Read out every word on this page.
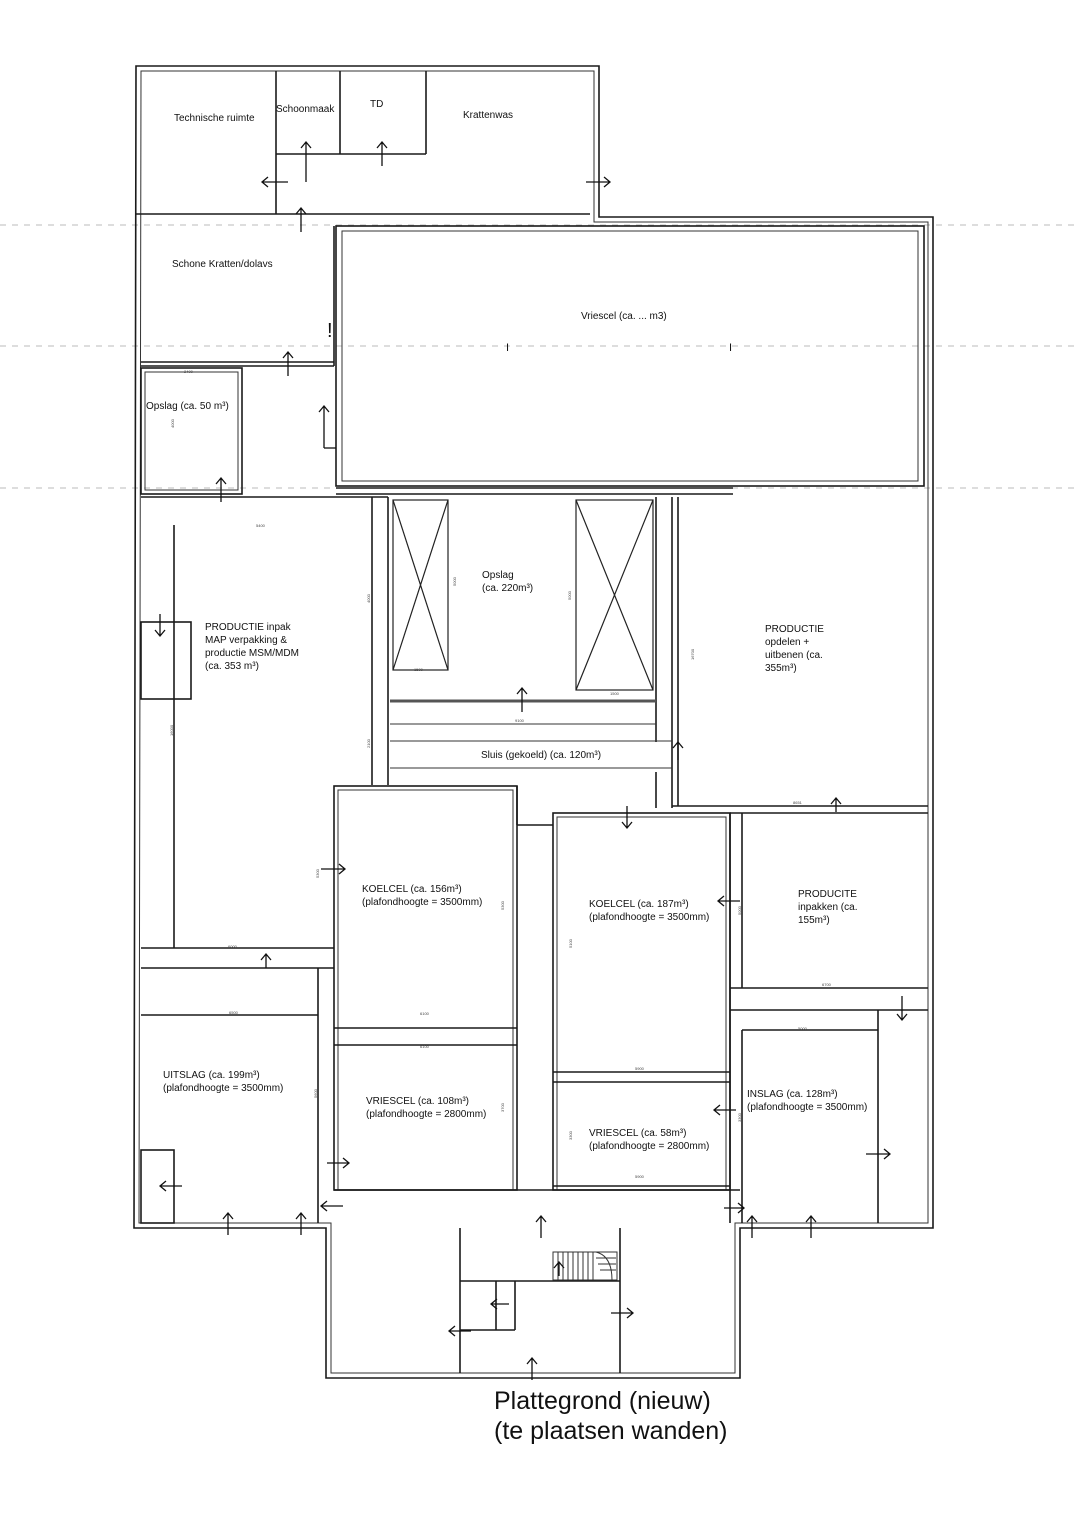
Technische ruimte
Schoonmaak	TD
Krattenwas
Schone Kratten/dolavs
!
Vriescel (ca. ... m3)
I	I
Opslag (ca. 50 m³)
Opslag
(ca. 220m³)
PRODUCTIE inpak
MAP verpakking &
productie MSM/MDM
(ca. 353 m³)
PRODUCTIE
opdelen +
uitbenen (ca.
355m³)
Sluis (gekoeld) (ca. 120m³)
KOELCEL (ca. 156m³)
(plafondhoogte = 3500mm)	KOELCEL (ca. 187m³)
(plafondhoogte = 3500mm)
PRODUCITE
inpakken (ca.
155m³)
UITSLAG (ca. 199m³)
(plafondhoogte = 3500mm)
VRIESCEL (ca. 108m³)
(plafondhoogte = 2800mm)
INSLAG (ca. 128m³)
(plafondhoogte = 3500mm)
VRIESCEL (ca. 58m³)
(plafondhoogte = 2800mm)
2400
4000
5400
16000
4000
1500
5000
5000
1500
9100
16700
2100
8651
5300
6100
5300
6000	5100
5000
6700
6500
5600
6100
3700
5900
3300
5900
5000
3300
Plattegrond (nieuw)
(te plaatsen wanden)
